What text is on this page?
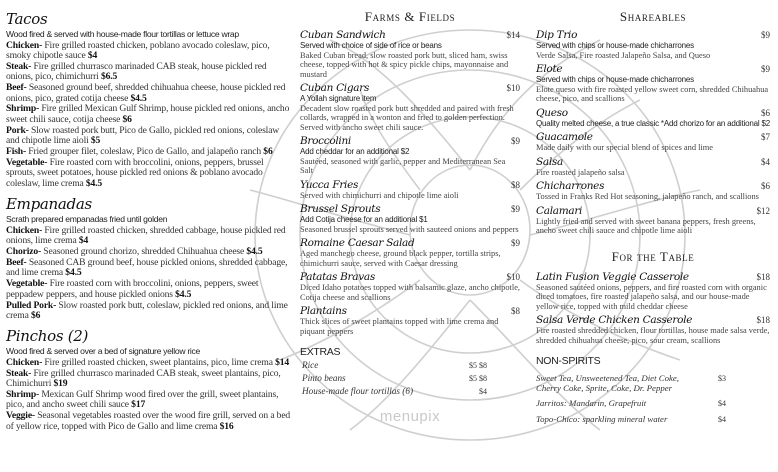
Tacos
Wood fired & served with house-made flour tortillas or lettuce wrap
Chicken- Fire grilled roasted chicken, poblano avocado coleslaw, pico, smoky chipotle sauce $4
Steak- Fire grilled churrasco marinaded CAB steak, house pickled red onions, pico, chimichurri $6.5
Beef- Seasoned ground beef, shredded chihuahua cheese, house pickled red onions, pico, grated cotija cheese $4.5
Shrimp- Fire grilled Mexican Gulf Shrimp, house pickled red onions, ancho sweet chili sauce, cotija cheese $6
Pork- Slow roasted pork butt, Pico de Gallo, pickled red onions, coleslaw and chipotle lime aioli $5
Fish- Fried grouper filet, coleslaw, Pico de Gallo, and jalapeño ranch $6
Vegetable- Fire roasted corn with broccolini, onions, peppers, brussel sprouts, sweet potatoes, house pickled red onions & poblano avocado coleslaw, lime crema $4.5
Empanadas
Scrath prepared empanadas fried until golden
Chicken- Fire grilled roasted chicken, shredded cabbage, house pickled red onions, lime crema $4
Chorizo- Seasoned ground chorizo, shredded Chihuahua cheese $4.5
Beef- Seasoned CAB ground beef, house pickled onions, shredded cabbage, and lime crema $4.5
Vegetable- Fire roasted corn with broccolini, onions, peppers, sweet peppadew peppers, and house pickled onions $4.5
Pulled Pork- Slow roasted pork butt, coleslaw, pickled red onions, and lime crema $6
Pinchos (2)
Wood fired & served over a bed of signature yellow rice
Chicken- Fire grilled roasted chicken, sweet plantains, pico, lime crema $14
Steak- Fire grilled churrasco marinaded CAB steak, sweet plantains, pico, Chimichurri $19
Shrimp- Mexican Gulf Shrimp wood fired over the grill, sweet plantains, pico, and ancho sweet chili sauce $17
Veggie- Seasonal vegetables roasted over the wood fire grill, served on a bed of yellow rice, topped with Pico de Gallo and lime crema $16
Farms & Fields
Cuban Sandwich	$14
Served with choice of side of rice or beans
Baked Cuban bread, slow roasted pork butt, sliced ham, swiss cheese, topped with hot & spicy pickle chips, mayonnaise and mustard
Cuban Cigars	$10
A Yollah signature item
Decadent slow roasted pork butt shredded and paired with fresh collards, wrapped in a wonton and fried to golden perfection. Served with ancho sweet chili sauce.
Broccolini	$9
Add cheddar for an additional $2
Sautéed, seasoned with garlic, pepper and Mediterranean Sea Salt
Yucca Fries	$8
Served with chimichurri and chipotle lime aioli
Brussel Sprouts	$9
Add Cotija cheese for an additional $1
Seasoned brussel sprouts served with sauteed onions and peppers
Romaine Caesar Salad	$9
Aged manchego cheese, ground black pepper, tortilla strips, chimichurri sauce, served with Caesar dressing
Patatas Bravas	$10
Diced Idaho potatoes topped with balsamic glaze, ancho chipotle, Cotija cheese and scallions
Plantains	$8
Thick slices of sweet plantains topped with lime crema and piquant peppers
EXTRAS
Rice	$5 $8
Pinto beans	$5 $8
House-made flour tortillas (6)	$4
menupix
Shareables
Dip Trio	$9
Served with chips or house-made chicharrones
Verde Salsa, Fire roasted Jalapeño Salsa, and Queso
Elote	$9
Served with chips or house-made chicharrones
Elote queso with fire roasted yellow sweet corn, shredded Chihuahua cheese, pico, and scallions
Queso	$6
Quality melted cheese, a true classic *Add chorizo for an additional $2
Guacamole	$7
Made daily with our special blend of spices and lime
Salsa	$4
Fire roasted jalapeño salsa
Chicharrones	$6
Tossed in Franks Red Hot seasoning, jalapeño ranch, and scallions
Calamari	$12
Lightly fried and served with sweet banana peppers, fresh greens, ancho sweet chili sauce and chipotle lime aioli
For the Table
Latin Fusion Veggie Casserole	$18
Seasoned sautéed onions, peppers, and fire roasted corn with organic diced tomatoes, fire roasted jalapeño salsa, and our house-made yellow rice, topped with mild cheddar cheese
Salsa Verde Chicken Casserole	$18
Fire roasted shredded chicken, flour tortillas, house made salsa verde, shredded chihuahua cheese, pico, sour cream, scallions
NON-SPIRITS
Sweet Tea, Unsweetened Tea, Diet Coke, Cherry Coke, Sprite, Coke, Dr. Pepper
$3
Jarritos: Mandarin, Grapefruit	$4
Topo-Chico: sparkling mineral water	$4
